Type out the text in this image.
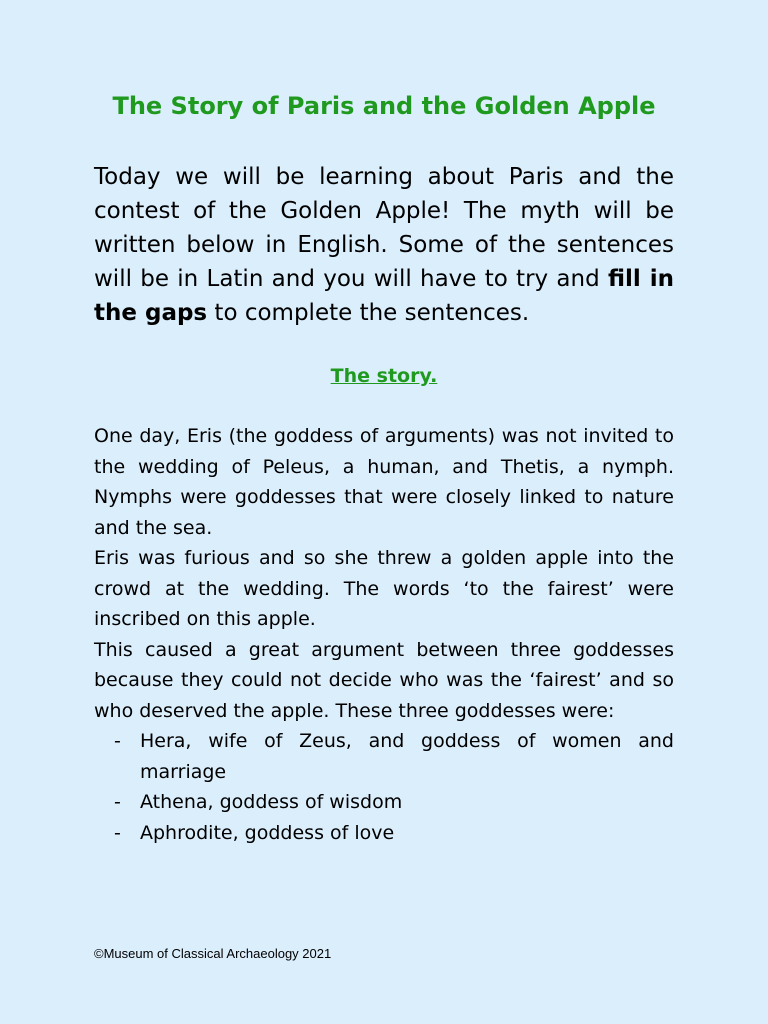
The Story of Paris and the Golden Apple

Today we will be learning about Paris and the contest of the Golden Apple! The myth will be written below in English. Some of the sentences will be in Latin and you will have to try and fill in the gaps to complete the sentences.

The story.

One day, Eris (the goddess of arguments) was not invited to the wedding of Peleus, a human, and Thetis, a nymph. Nymphs were goddesses that were closely linked to nature and the sea.

Eris was furious and so she threw a golden apple into the crowd at the wedding. The words ‘to the fairest’ were inscribed on this apple.

This caused a great argument between three goddesses because they could not decide who was the ‘fairest’ and so who deserved the apple. These three goddesses were:

- Hera, wife of Zeus, and goddess of women and marriage
- Athena, goddess of wisdom
- Aphrodite, goddess of love
©Museum of Classical Archaeology 2021
